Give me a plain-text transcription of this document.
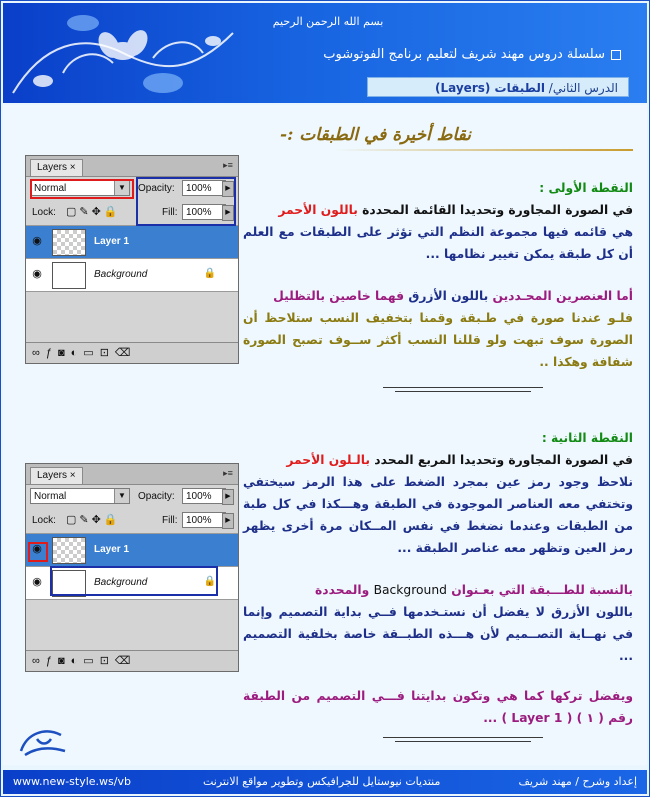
بسم الله الرحمن الرحيم
سلسلة دروس مهند شريف لتعليم برنامج الفوتوشوب
الدرس الثاني/ الطبقات (Layers)
نقاط أخيرة في الطبقات :-
النقطة الأولى :
في الصورة المجاورة وتحديدا القائمة المحددة باللون الأحمر
هي قائمه فيها مجموعة النظم التي تؤثر على الطبقات مع العلم أن كل طبقة يمكن تغيير نظامها ...
أما العنصرين المحـددين باللون الأزرق فهما خاصين بالتظليل
فلـو عندنا صورة في طـبقة وقمنا بتخفيف النسب ستلاحظ أن الصورة سوف تبهت ولو قللنا النسب أكثر ســوف تصبح الصورة شفافة وهكذا ..
النقطة الثانية :
في الصورة المجاورة وتحديدا المربع المحدد بالـلون الأحمر
نلاحظ وجود رمز عين بمجرد الضغط على هذا الرمز سيختفي وتختفي معه العناصر الموجودة في الطبقة وهـــكذا في كل طبة من الطبقات وعندما نضغط في نفس المــكان مرة أخرى يظهر رمز العين وتظهر معه عناصر الطبقة ...
بالنسبة للطـــبقة التي بعـنوان Background والمحددة
باللون الأزرق لا يفضل أن نستـخدمها فــي بداية التصميم وإنما في نهــاية التصــميم لأن هـــذه الطبــقة خاصة بخلفية التصميم ...
ويفضل تركها كما هي وتكون بدايتنا فـــي التصميم من الطبقة رقم ( ١ ) ( Layer 1 ) ...
Layers ×	▸≡
Normal	▼	Opacity:	100%	▶
Lock: ▢✎✥🔒	Fill: 100%	▶
◉	Layer 1
◉	Background	🔒
∞ƒ◙◐▭⊡⌫
Layers ×	▸≡
Normal	▼	Opacity:	100%	▶
Lock: ▢✎✥🔒	Fill: 100%	▶
◉	Layer 1
◉	Background	🔒
∞ƒ◙◐▭⊡⌫
www.new-style.ws/vb	منتديات نيوستايل للجرافيكس وتطوير مواقع الانترنت	إعداد وشرح / مهند شريف
